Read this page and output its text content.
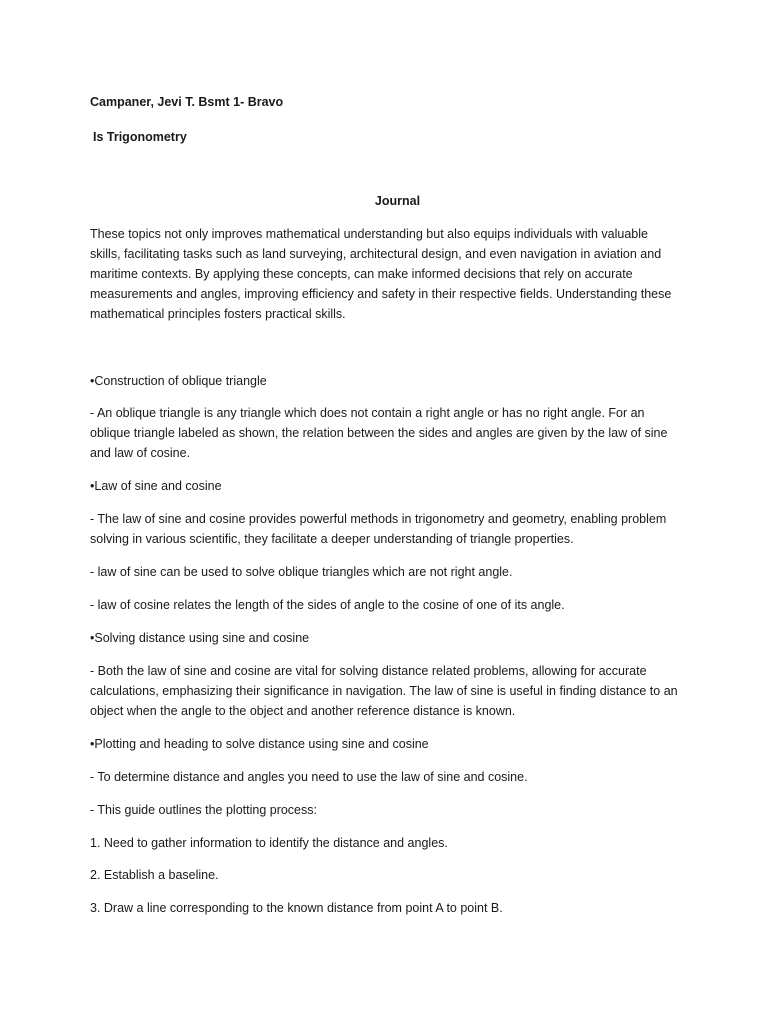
Campaner, Jevi T. Bsmt 1- Bravo

Is Trigonometry

Journal

These topics not only improves mathematical understanding but also equips individuals with valuable skills, facilitating tasks such as land surveying, architectural design, and even navigation in aviation and maritime contexts. By applying these concepts, can make informed decisions that rely on accurate measurements and angles, improving efficiency and safety in their respective fields. Understanding these mathematical principles fosters practical skills.

•Construction of oblique triangle

- An oblique triangle is any triangle which does not contain a right angle or has no right angle. For an oblique triangle labeled as shown, the relation between the sides and angles are given by the law of sine and law of cosine.

•Law of sine and cosine

- The law of sine and cosine provides powerful methods in trigonometry and geometry, enabling problem solving in various scientific, they facilitate a deeper understanding of triangle properties.

- law of sine can be used to solve oblique triangles which are not right angle.

- law of cosine relates the length of the sides of angle to the cosine of one of its angle.

•Solving distance using sine and cosine

- Both the law of sine and cosine are vital for solving distance related problems, allowing for accurate calculations, emphasizing their significance in navigation. The law of sine is useful in finding distance to an object when the angle to the object and another reference distance is known.

•Plotting and heading to solve distance using sine and cosine

- To determine distance and angles you need to use the law of sine and cosine.

- This guide outlines the plotting process:

1. Need to gather information to identify the distance and angles.

2. Establish a baseline.

3. Draw a line corresponding to the known distance from point A to point B.
